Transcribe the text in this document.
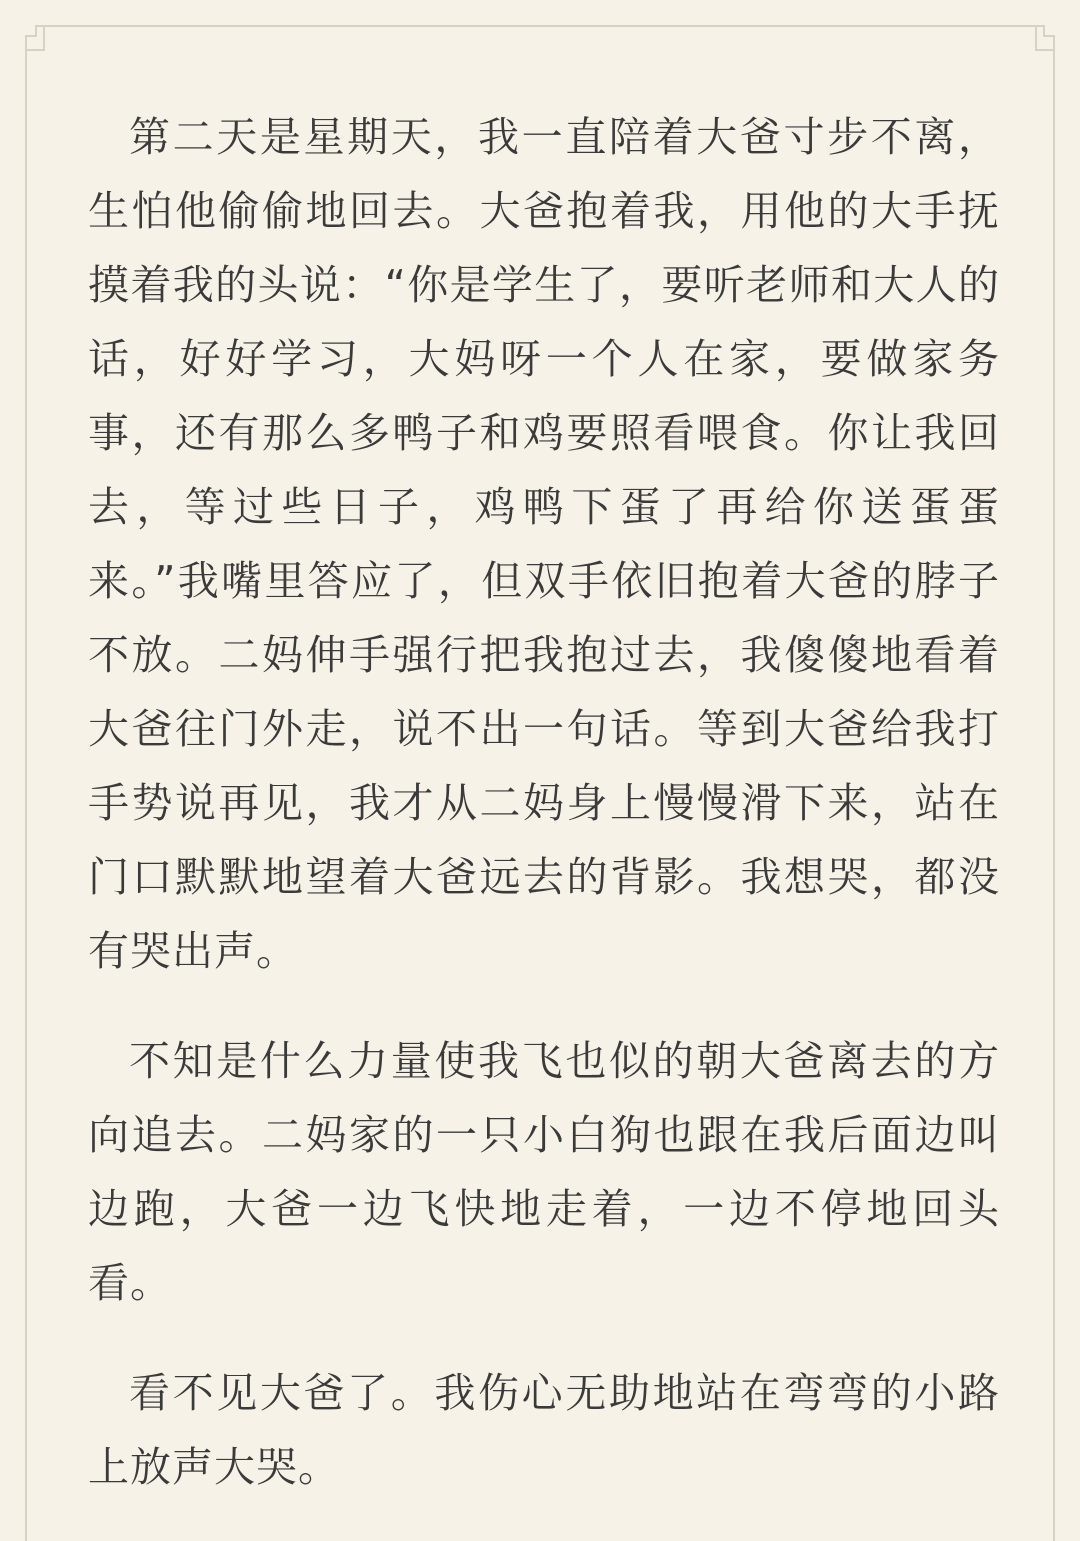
第二天是星期天，我一直陪着大爸寸步不离，生怕他偷偷地回去。大爸抱着我，用他的大手抚摸着我的头说：“你是学生了，要听老师和大人的话，好好学习，大妈呀一个人在家，要做家务事，还有那么多鸭子和鸡要照看喂食。你让我回去，等过些日子，鸡鸭下蛋了再给你送蛋蛋来。”我嘴里答应了，但双手依旧抱着大爸的脖子不放。二妈伸手强行把我抱过去，我傻傻地看着大爸往门外走，说不出一句话。等到大爸给我打手势说再见，我才从二妈身上慢慢滑下来，站在门口默默地望着大爸远去的背影。我想哭，都没有哭出声。

不知是什么力量使我飞也似的朝大爸离去的方向追去。二妈家的一只小白狗也跟在我后面边叫边跑，大爸一边飞快地走着，一边不停地回头看。

看不见大爸了。我伤心无助地站在弯弯的小路上放声大哭。
